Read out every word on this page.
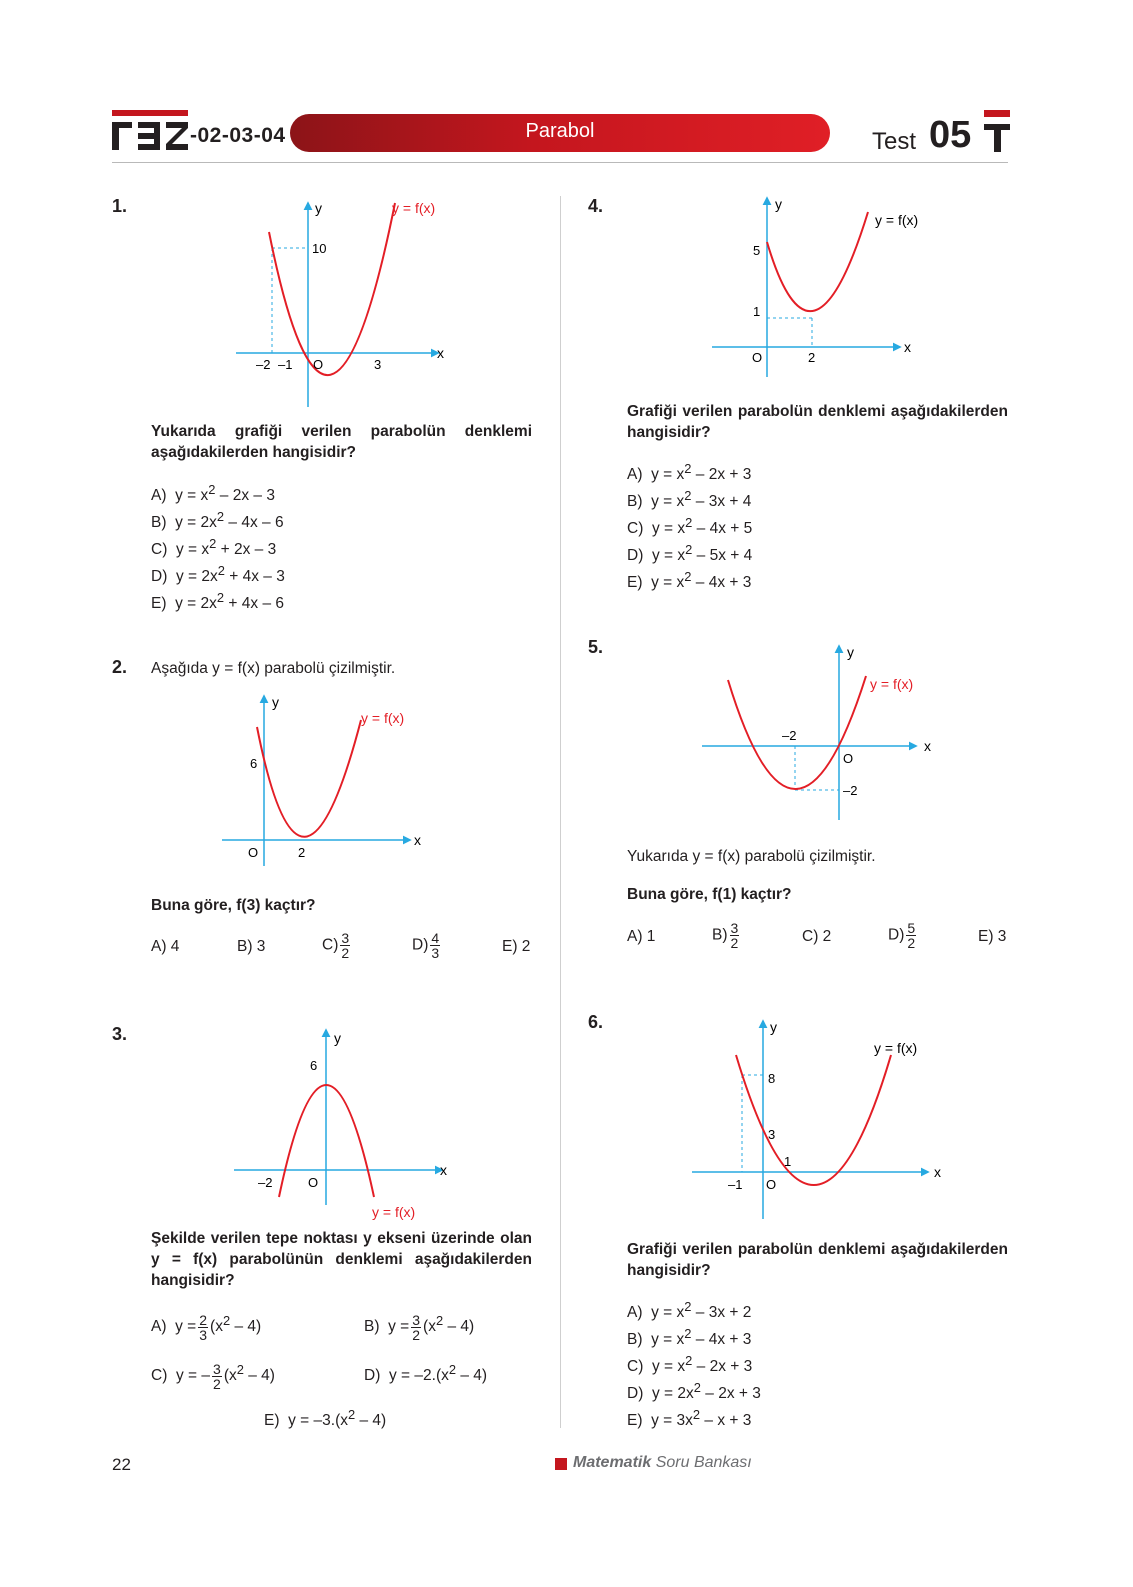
-02-03-04	Parabol	Test 05
1.	y
x
y = f(x)
10
–2 –1 O	3
Yukarıda grafiği verilen parabolün denklemi aşağıdakilerden hangisidir?
A) $y = x^2 - 2x - 3$
B) $y = 2x^2 - 4x - 6$
C) $y = x^2 + 2x - 3$
D) $y = 2x^2 + 4x - 3$
E) $y = 2x^2 + 4x - 6$
2. Aşağıda y = f(x) parabolü çizilmiştir.
y
x
y = f(x)
6
O	2
Buna göre, f(3) kaçtır?
A) 4	B) 3	$C) \frac{3}{2}$	$D) \frac{4}{3}$	E) 2
3.	y
x
6
–2	O
y = f(x)
Şekilde verilen tepe noktası y ekseni üzerinde olan y = f(x) parabolünün denklemi aşağıdakilerden hangisidir?
A) $y = \frac{2}{3} (x^2 - 4)$	B) $y = \frac{3}{2} (x^2 - 4)$
C) y = – $\frac{3}{2} (x^2 - 4)$	D) $y = -2.(x^2 - 4)$
E) $y = -3.(x^2 - 4)$
4.	y
x
y = f(x)
5
1
O	2
Grafiği verilen parabolün denklemi aşağıdakilerden hangisidir?
A) $y = x^2 - 2x + 3$
B) $y = x^2 - 3x + 4$
C) $y = x^2 - 4x + 5$
D) $y = x^2 - 5x + 4$
E) $y = x^2 - 4x + 3$
5.	y
x
y = f(x)
–2
O
–2
Yukarıda y = f(x) parabolü çizilmiştir.
Buna göre, f(1) kaçtır?
A) 1	$B) \frac{3}{2}$	C) 2	$D) \frac{5}{2}$	E) 3
6.	y
x
y = f(x)
8
3
1
–1 O
Grafiği verilen parabolün denklemi aşağıdakilerden hangisidir?
A) $y = x^2 - 3x + 2$
B) $y = x^2 - 4x + 3$
C) $y = x^2 - 2x + 3$
D) $y = 2x^2 - 2x + 3$
E) $y = 3x^2 - x + 3$
22	Matematik Soru Bankası
